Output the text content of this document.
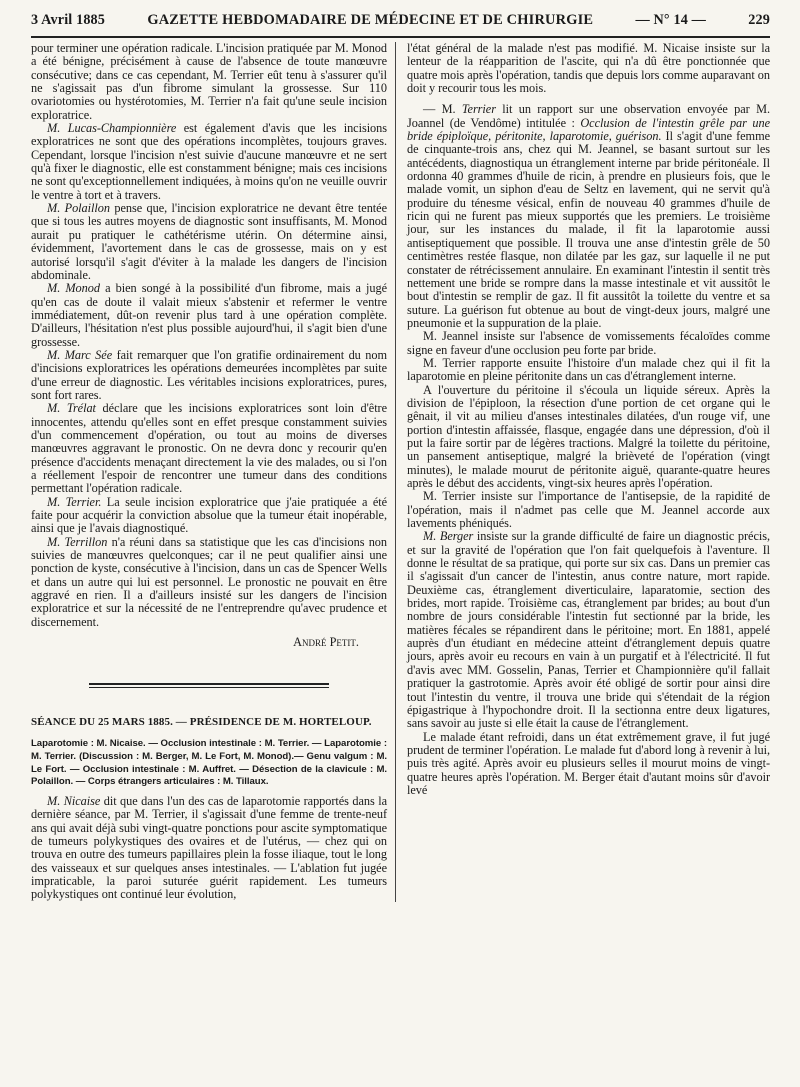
3 Avril 1885	GAZETTE HEBDOMADAIRE DE MÉDECINE ET DE CHIRURGIE	— N° 14 —	229

pour terminer une opération radicale. L'incision pratiquée par M. Monod a été bénigne, précisément à cause de l'absence de toute manœuvre consécutive; dans ce cas cependant, M. Terrier eût tenu à s'assurer qu'il ne s'agissait pas d'un fibrome simulant la grossesse. Sur 110 ovariotomies ou hystérotomies, M. Terrier n'a fait qu'une seule incision exploratrice.

M. Lucas-Championnière est également d'avis que les incisions exploratrices ne sont que des opérations incomplètes, toujours graves. Cependant, lorsque l'incision n'est suivie d'aucune manœuvre et ne sert qu'à fixer le diagnostic, elle est constamment bénigne; mais ces incisions ne sont qu'exceptionnellement indiquées, à moins qu'on ne veuille ouvrir le ventre à tort et à travers.

M. Polaillon pense que, l'incision exploratrice ne devant être tentée que si tous les autres moyens de diagnostic sont insuffisants, M. Monod aurait pu pratiquer le cathétérisme utérin. On détermine ainsi, évidemment, l'avortement dans le cas de grossesse, mais on y est autorisé lorsqu'il s'agit d'éviter à la malade les dangers de l'incision abdominale.

M. Monod a bien songé à la possibilité d'un fibrome, mais a jugé qu'en cas de doute il valait mieux s'abstenir et refermer le ventre immédiatement, dût-on revenir plus tard à une opération complète. D'ailleurs, l'hésitation n'est plus possible aujourd'hui, il s'agit bien d'une grossesse.

M. Marc Sée fait remarquer que l'on gratifie ordinairement du nom d'incisions exploratrices les opérations demeurées incomplètes par suite d'une erreur de diagnostic. Les véritables incisions exploratrices, pures, sont fort rares.

M. Trélat déclare que les incisions exploratrices sont loin d'être innocentes, attendu qu'elles sont en effet presque constamment suivies d'un commencement d'opération, ou tout au moins de diverses manœuvres aggravant le pronostic. On ne devra donc y recourir qu'en présence d'accidents menaçant directement la vie des malades, ou si l'on a réellement l'espoir de rencontrer une tumeur dans des conditions permettant l'opération radicale.

M. Terrier. La seule incision exploratrice que j'aie pratiquée a été faite pour acquérir la conviction absolue que la tumeur était inopérable, ainsi que je l'avais diagnostiqué.

M. Terrillon n'a réuni dans sa statistique que les cas d'incisions non suivies de manœuvres quelconques; car il ne peut qualifier ainsi une ponction de kyste, consécutive à l'incision, dans un cas de Spencer Wells et dans un autre qui lui est personnel. Le pronostic ne pouvait en être aggravé en rien. Il a d'ailleurs insisté sur les dangers de l'incision exploratrice et sur la nécessité de ne l'entreprendre qu'avec prudence et discernement.

André Petit.

SÉANCE DU 25 MARS 1885. — PRÉSIDENCE DE M. HORTELOUP.

Laparotomie : M. Nicaise. — Occlusion intestinale : M. Terrier. — Laparotomie : M. Terrier. (Discussion : M. Berger, M. Le Fort, M. Monod).— Genu valgum : M. Le Fort. — Occlusion intestinale : M. Auffret. — Désection de la clavicule : M. Polaillon. — Corps étrangers articulaires : M. Tillaux.

M. Nicaise dit que dans l'un des cas de laparotomie rapportés dans la dernière séance, par M. Terrier, il s'agissait d'une femme de trente-neuf ans qui avait déjà subi vingt-quatre ponctions pour ascite symptomatique de tumeurs polykystiques des ovaires et de l'utérus, — chez qui on trouva en outre des tumeurs papillaires plein la fosse iliaque, tout le long des vaisseaux et sur quelques anses intestinales. — L'ablation fut jugée impraticable, la paroi suturée guérit rapidement. Les tumeurs polykystiques ont continué leur évolution,

l'état général de la malade n'est pas modifié. M. Nicaise insiste sur la lenteur de la réapparition de l'ascite, qui n'a dû être ponctionnée que quatre mois après l'opération, tandis que depuis lors comme auparavant on doit y recourir tous les mois.

— M. Terrier lit un rapport sur une observation envoyée par M. Joannel (de Vendôme) intitulée : Occlusion de l'intestin grêle par une bride épiploïque, péritonite, laparotomie, guérison. Il s'agit d'une femme de cinquante-trois ans, chez qui M. Jeannel, se basant surtout sur les antécédents, diagnostiqua un étranglement interne par bride péritonéale. Il ordonna 40 grammes d'huile de ricin, à prendre en plusieurs fois, que le malade vomit, un siphon d'eau de Seltz en lavement, qui ne servit qu'à produire du ténesme vésical, enfin de nouveau 40 grammes d'huile de ricin qui ne furent pas mieux supportés que les premiers. Le troisième jour, sur les instances du malade, il fit la laparotomie aussi antiseptiquement que possible. Il trouva une anse d'intestin grêle de 50 centimètres restée flasque, non dilatée par les gaz, sur laquelle il ne put constater de rétrécissement annulaire. En examinant l'intestin il sentit très nettement une bride se rompre dans la masse intestinale et vit aussitôt le bout d'intestin se remplir de gaz. Il fit aussitôt la toilette du ventre et sa suture. La guérison fut obtenue au bout de vingt-deux jours, malgré une pneumonie et la suppuration de la plaie.

M. Jeannel insiste sur l'absence de vomissements fécaloïdes comme signe en faveur d'une occlusion peu forte par bride.

M. Terrier rapporte ensuite l'histoire d'un malade chez qui il fit la laparotomie en pleine péritonite dans un cas d'étranglement interne.

A l'ouverture du péritoine il s'écoula un liquide séreux. Après la division de l'épiploon, la résection d'une portion de cet organe qui le gênait, il vit au milieu d'anses intestinales dilatées, d'un rouge vif, une portion d'intestin affaissée, flasque, engagée dans une dépression, d'où il put la faire sortir par de légères tractions. Malgré la toilette du péritoine, un pansement antiseptique, malgré la brièveté de l'opération (vingt minutes), le malade mourut de péritonite aiguë, quarante-quatre heures après le début des accidents, vingt-six heures après l'opération.

M. Terrier insiste sur l'importance de l'antisepsie, de la rapidité de l'opération, mais il n'admet pas celle que M. Jeannel accorde aux lavements phéniqués.

M. Berger insiste sur la grande difficulté de faire un diagnostic précis, et sur la gravité de l'opération que l'on fait quelquefois à l'aventure. Il donne le résultat de sa pratique, qui porte sur six cas. Dans un premier cas il s'agissait d'un cancer de l'intestin, anus contre nature, mort rapide. Deuxième cas, étranglement diverticulaire, laparatomie, section des brides, mort rapide. Troisième cas, étranglement par brides; au bout d'un nombre de jours considérable l'intestin fut sectionné par la bride, les matières fécales se répandirent dans le péritoine; mort. En 1881, appelé auprès d'un étudiant en médecine atteint d'étranglement depuis quatre jours, après avoir eu recours en vain à un purgatif et à l'électricité. Il fut d'avis avec MM. Gosselin, Panas, Terrier et Championnière qu'il fallait pratiquer la gastrotomie. Après avoir été obligé de sortir pour ainsi dire tout l'intestin du ventre, il trouva une bride qui s'étendait de la région épigastrique à l'hypochondre droit. Il la sectionna entre deux ligatures, sans savoir au juste si elle était la cause de l'étranglement.

Le malade étant refroidi, dans un état extrêmement grave, il fut jugé prudent de terminer l'opération. Le malade fut d'abord long à revenir à lui, puis très agité. Après avoir eu plusieurs selles il mourut moins de vingt-quatre heures après l'opération. M. Berger était d'autant moins sûr d'avoir levé
